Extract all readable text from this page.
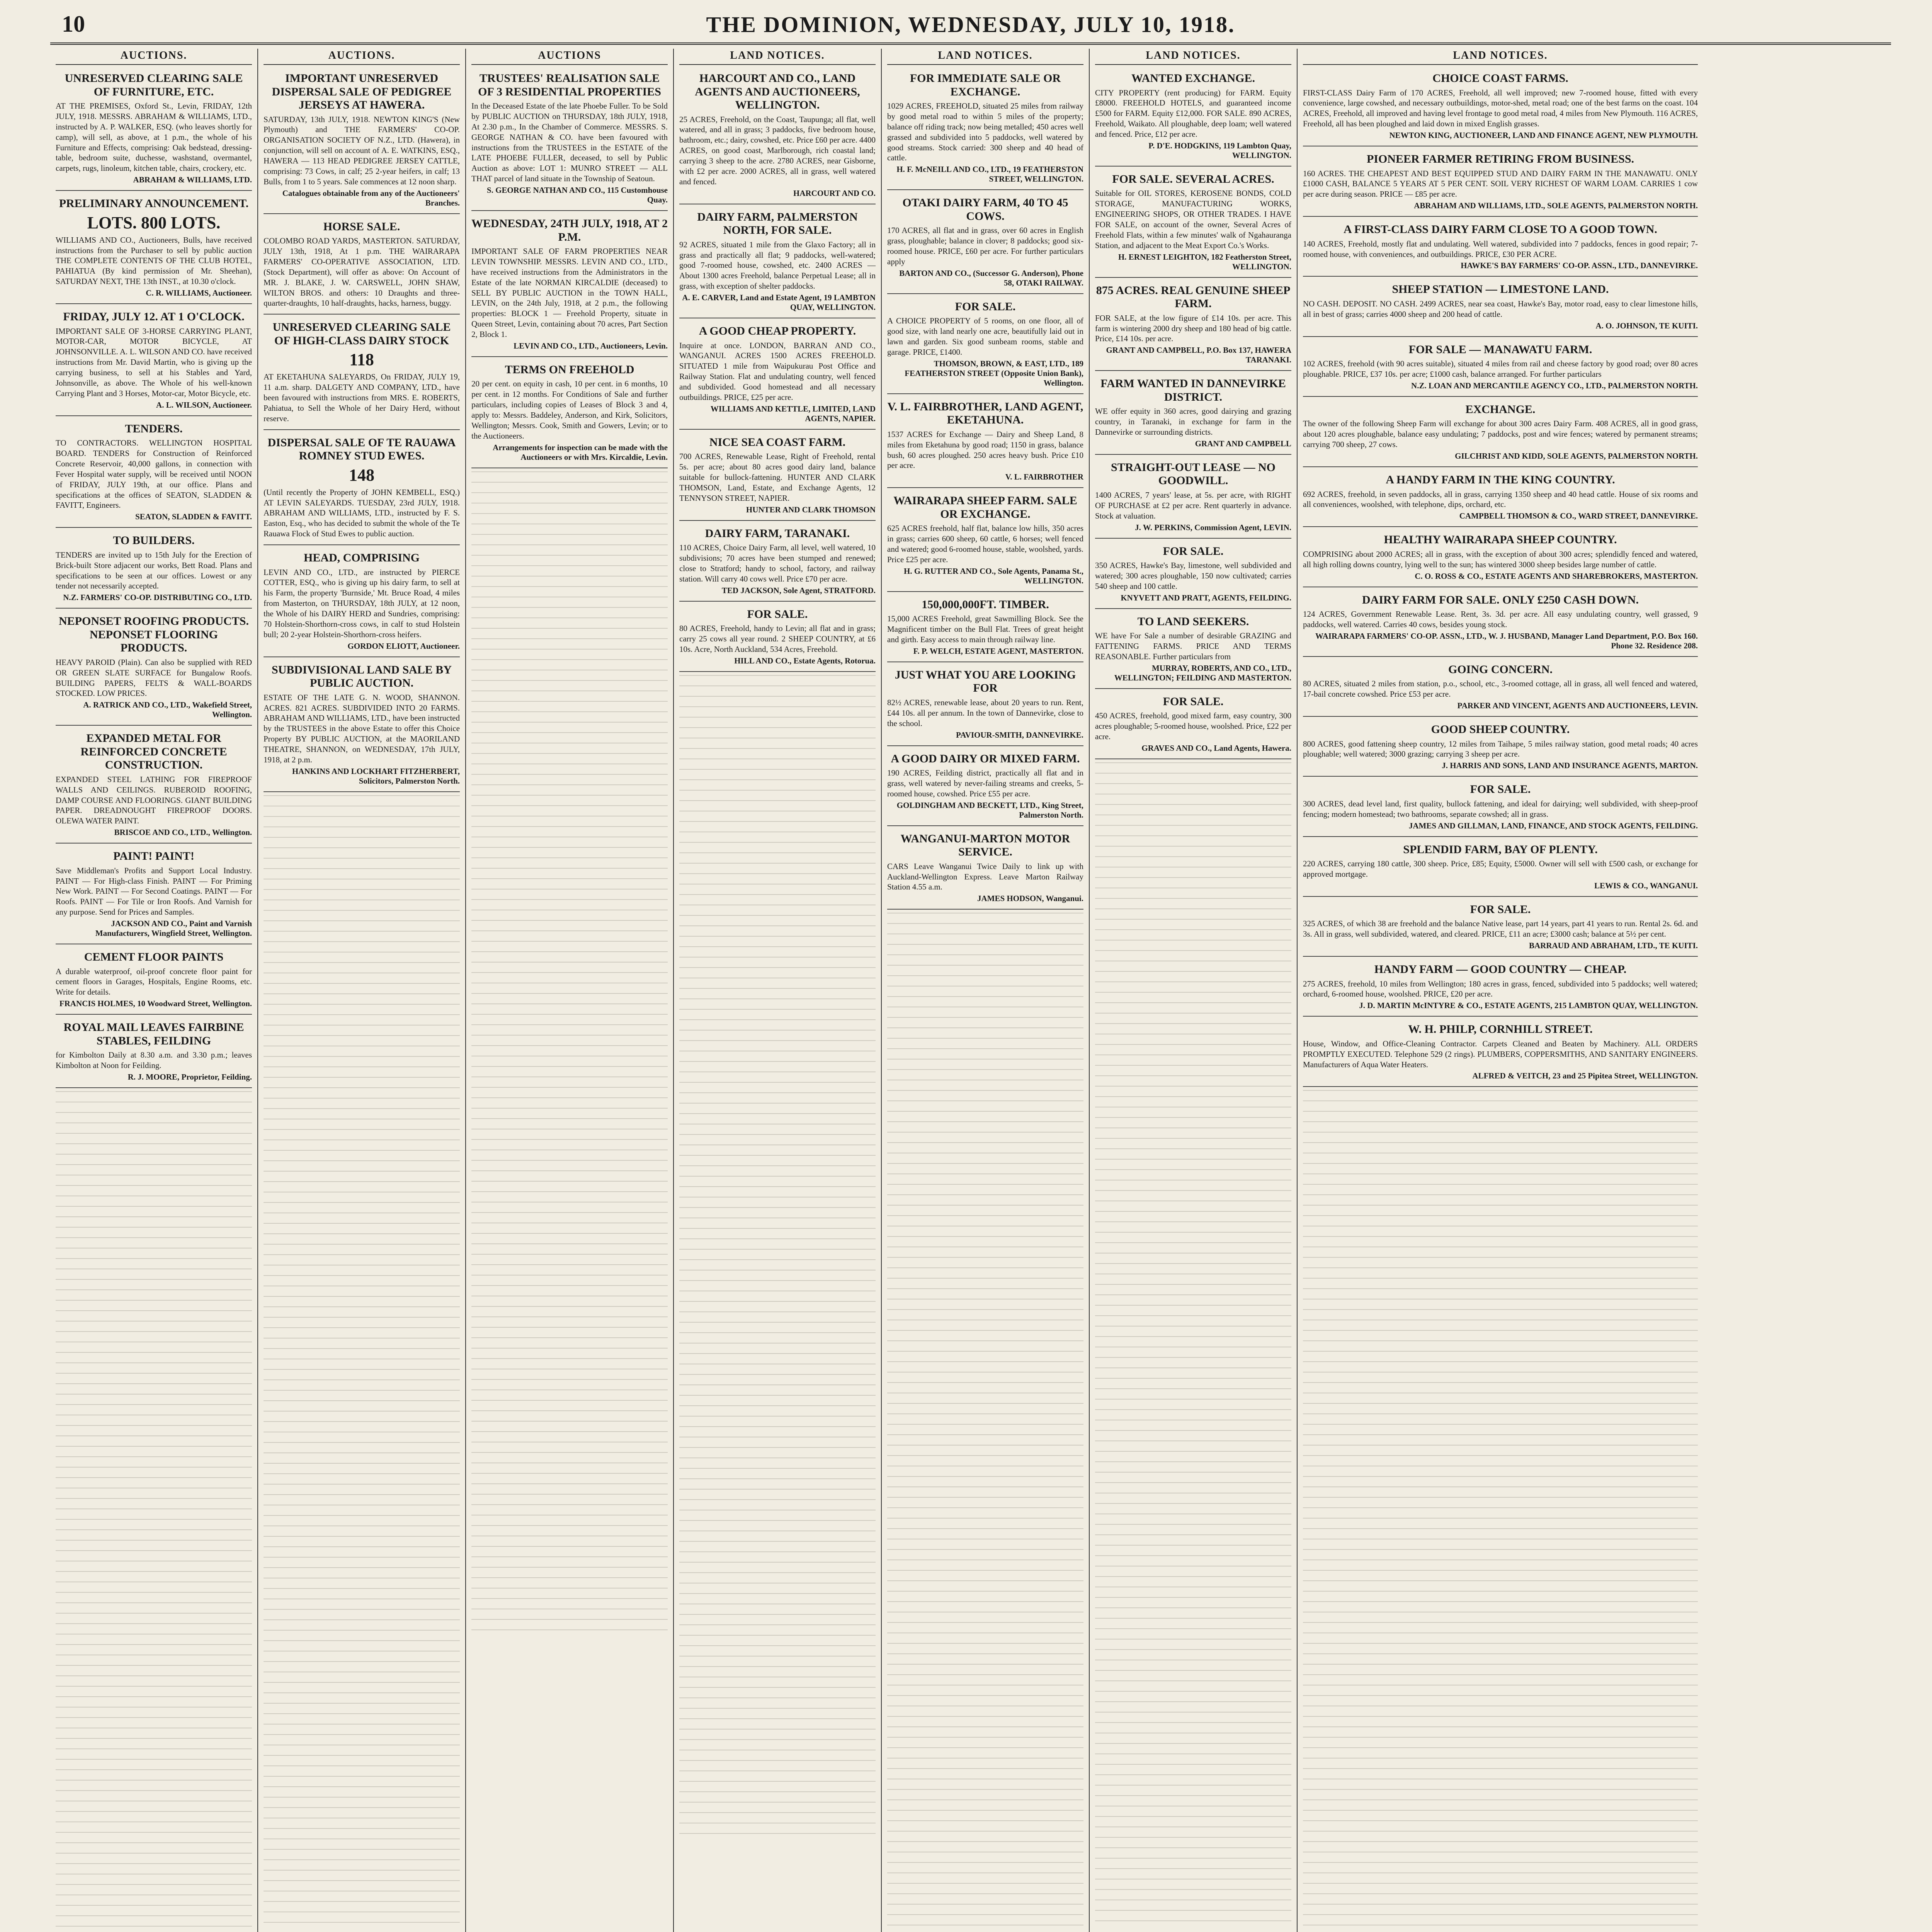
10	THE DOMINION, WEDNESDAY, JULY 10, 1918.
AUCTIONS.
UNRESERVED CLEARING SALE OF FURNITURE, ETC.
AT THE PREMISES, Oxford St., Levin, FRIDAY, 12th JULY, 1918. MESSRS. ABRAHAM & WILLIAMS, LTD., instructed by A. P. WALKER, ESQ. (who leaves shortly for camp), will sell, as above, at 1 p.m., the whole of his Furniture and Effects, comprising: Oak bedstead, dressing-table, bedroom suite, duchesse, washstand, overmantel, carpets, rugs, linoleum, kitchen table, chairs, crockery, etc.
ABRAHAM & WILLIAMS, LTD.
PRELIMINARY ANNOUNCEMENT.
LOTS. 800 LOTS.
WILLIAMS AND CO., Auctioneers, Bulls, have received instructions from the Purchaser to sell by public auction THE COMPLETE CONTENTS OF THE CLUB HOTEL, PAHIATUA (By kind permission of Mr. Sheehan), SATURDAY NEXT, THE 13th INST., at 10.30 o'clock.
C. R. WILLIAMS, Auctioneer.
FRIDAY, JULY 12. AT 1 O'CLOCK.
IMPORTANT SALE OF 3-HORSE CARRYING PLANT, MOTOR-CAR, MOTOR BICYCLE, AT JOHNSONVILLE. A. L. WILSON AND CO. have received instructions from Mr. David Martin, who is giving up the carrying business, to sell at his Stables and Yard, Johnsonville, as above. The Whole of his well-known Carrying Plant and 3 Horses, Motor-car, Motor Bicycle, etc.
A. L. WILSON, Auctioneer.
TENDERS.
TO CONTRACTORS. WELLINGTON HOSPITAL BOARD. TENDERS for Construction of Reinforced Concrete Reservoir, 40,000 gallons, in connection with Fever Hospital water supply, will be received until NOON of FRIDAY, JULY 19th, at our office. Plans and specifications at the offices of SEATON, SLADDEN & FAVITT, Engineers.
SEATON, SLADDEN & FAVITT.
TO BUILDERS.
TENDERS are invited up to 15th July for the Erection of Brick-built Store adjacent our works, Bett Road. Plans and specifications to be seen at our offices. Lowest or any tender not necessarily accepted.
N.Z. FARMERS' CO-OP. DISTRIBUTING CO., LTD.
NEPONSET ROOFING PRODUCTS. NEPONSET FLOORING PRODUCTS.
HEAVY PAROID (Plain). Can also be supplied with RED OR GREEN SLATE SURFACE for Bungalow Roofs. BUILDING PAPERS, FELTS & WALL-BOARDS STOCKED. LOW PRICES.
A. RATRICK AND CO., LTD., Wakefield Street, Wellington.
EXPANDED METAL FOR REINFORCED CONCRETE CONSTRUCTION.
EXPANDED STEEL LATHING FOR FIREPROOF WALLS AND CEILINGS. RUBEROID ROOFING, DAMP COURSE AND FLOORINGS. GIANT BUILDING PAPER. DREADNOUGHT FIREPROOF DOORS. OLEWA WATER PAINT.
BRISCOE AND CO., LTD., Wellington.
PAINT! PAINT!
Save Middleman's Profits and Support Local Industry. PAINT — For High-class Finish. PAINT — For Priming New Work. PAINT — For Second Coatings. PAINT — For Roofs. PAINT — For Tile or Iron Roofs. And Varnish for any purpose. Send for Prices and Samples.
JACKSON AND CO., Paint and Varnish Manufacturers, Wingfield Street, Wellington.
CEMENT FLOOR PAINTS
A durable waterproof, oil-proof concrete floor paint for cement floors in Garages, Hospitals, Engine Rooms, etc. Write for details.
FRANCIS HOLMES, 10 Woodward Street, Wellington.
ROYAL MAIL LEAVES FAIRBINE STABLES, FEILDING
for Kimbolton Daily at 8.30 a.m. and 3.30 p.m.; leaves Kimbolton at Noon for Feilding.
R. J. MOORE, Proprietor, Feilding.
AUCTIONS.
IMPORTANT UNRESERVED DISPERSAL SALE OF PEDIGREE JERSEYS AT HAWERA.
SATURDAY, 13th JULY, 1918. NEWTON KING'S (New Plymouth) and THE FARMERS' CO-OP. ORGANISATION SOCIETY OF N.Z., LTD. (Hawera), in conjunction, will sell on account of A. E. WATKINS, ESQ., HAWERA — 113 HEAD PEDIGREE JERSEY CATTLE, comprising: 73 Cows, in calf; 25 2-year heifers, in calf; 13 Bulls, from 1 to 5 years. Sale commences at 12 noon sharp.
Catalogues obtainable from any of the Auctioneers' Branches.
HORSE SALE.
COLOMBO ROAD YARDS, MASTERTON. SATURDAY, JULY 13th, 1918, At 1 p.m. THE WAIRARAPA FARMERS' CO-OPERATIVE ASSOCIATION, LTD. (Stock Department), will offer as above: On Account of MR. J. BLAKE, J. W. CARSWELL, JOHN SHAW, WILTON BROS. and others: 10 Draughts and three-quarter-draughts, 10 half-draughts, hacks, harness, buggy.
UNRESERVED CLEARING SALE OF HIGH-CLASS DAIRY STOCK
118
AT EKETAHUNA SALEYARDS, On FRIDAY, JULY 19, 11 a.m. sharp. DALGETY AND COMPANY, LTD., have been favoured with instructions from MRS. E. ROBERTS, Pahiatua, to Sell the Whole of her Dairy Herd, without reserve.
DISPERSAL SALE OF TE RAUAWA ROMNEY STUD EWES.
148
(Until recently the Property of JOHN KEMBELL, ESQ.) AT LEVIN SALEYARDS. TUESDAY, 23rd JULY, 1918. ABRAHAM AND WILLIAMS, LTD., instructed by F. S. Easton, Esq., who has decided to submit the whole of the Te Rauawa Flock of Stud Ewes to public auction.
HEAD, COMPRISING
LEVIN AND CO., LTD., are instructed by PIERCE COTTER, ESQ., who is giving up his dairy farm, to sell at his Farm, the property 'Burnside,' Mt. Bruce Road, 4 miles from Masterton, on THURSDAY, 18th JULY, at 12 noon, the Whole of his DAIRY HERD and Sundries, comprising: 70 Holstein-Shorthorn-cross cows, in calf to stud Holstein bull; 20 2-year Holstein-Shorthorn-cross heifers.
GORDON ELIOTT, Auctioneer.
SUBDIVISIONAL LAND SALE BY PUBLIC AUCTION.
ESTATE OF THE LATE G. N. WOOD, SHANNON. ACRES. 821 ACRES. SUBDIVIDED INTO 20 FARMS. ABRAHAM AND WILLIAMS, LTD., have been instructed by the TRUSTEES in the above Estate to offer this Choice Property BY PUBLIC AUCTION, at the MAORILAND THEATRE, SHANNON, on WEDNESDAY, 17th JULY, 1918, at 2 p.m.
HANKINS AND LOCKHART FITZHERBERT, Solicitors, Palmerston North.
AUCTIONS
TRUSTEES' REALISATION SALE OF 3 RESIDENTIAL PROPERTIES
In the Deceased Estate of the late Phoebe Fuller. To be Sold by PUBLIC AUCTION on THURSDAY, 18th JULY, 1918, At 2.30 p.m., In the Chamber of Commerce. MESSRS. S. GEORGE NATHAN & CO. have been favoured with instructions from the TRUSTEES in the ESTATE of the LATE PHOEBE FULLER, deceased, to sell by Public Auction as above: LOT 1: MUNRO STREET — ALL THAT parcel of land situate in the Township of Seatoun.
S. GEORGE NATHAN AND CO., 115 Customhouse Quay.
WEDNESDAY, 24TH JULY, 1918, AT 2 P.M.
IMPORTANT SALE OF FARM PROPERTIES NEAR LEVIN TOWNSHIP. MESSRS. LEVIN AND CO., LTD., have received instructions from the Administrators in the Estate of the late NORMAN KIRCALDIE (deceased) to SELL BY PUBLIC AUCTION in the TOWN HALL, LEVIN, on the 24th July, 1918, at 2 p.m., the following properties: BLOCK 1 — Freehold Property, situate in Queen Street, Levin, containing about 70 acres, Part Section 2, Block 1.
LEVIN AND CO., LTD., Auctioneers, Levin.
TERMS ON FREEHOLD
20 per cent. on equity in cash, 10 per cent. in 6 months, 10 per cent. in 12 months. For Conditions of Sale and further particulars, including copies of Leases of Block 3 and 4, apply to: Messrs. Baddeley, Anderson, and Kirk, Solicitors, Wellington; Messrs. Cook, Smith and Gowers, Levin; or to the Auctioneers.
Arrangements for inspection can be made with the Auctioneers or with Mrs. Kircaldie, Levin.
LAND NOTICES.
HARCOURT AND CO., LAND AGENTS AND AUCTIONEERS, WELLINGTON.
25 ACRES, Freehold, on the Coast, Taupunga; all flat, well watered, and all in grass; 3 paddocks, five bedroom house, bathroom, etc.; dairy, cowshed, etc. Price £60 per acre. 4400 ACRES, on good coast, Marlborough, rich coastal land; carrying 3 sheep to the acre. 2780 ACRES, near Gisborne, with £2 per acre. 2000 ACRES, all in grass, well watered and fenced.
HARCOURT AND CO.
DAIRY FARM, PALMERSTON NORTH, FOR SALE.
92 ACRES, situated 1 mile from the Glaxo Factory; all in grass and practically all flat; 9 paddocks, well-watered; good 7-roomed house, cowshed, etc. 2400 ACRES — About 1300 acres Freehold, balance Perpetual Lease; all in grass, with exception of shelter paddocks.
A. E. CARVER, Land and Estate Agent, 19 LAMBTON QUAY, WELLINGTON.
A GOOD CHEAP PROPERTY.
Inquire at once. LONDON, BARRAN AND CO., WANGANUI. ACRES 1500 ACRES FREEHOLD. SITUATED 1 mile from Waipukurau Post Office and Railway Station. Flat and undulating country, well fenced and subdivided. Good homestead and all necessary outbuildings. PRICE, £25 per acre.
WILLIAMS AND KETTLE, LIMITED, LAND AGENTS, NAPIER.
NICE SEA COAST FARM.
700 ACRES, Renewable Lease, Right of Freehold, rental 5s. per acre; about 80 acres good dairy land, balance suitable for bullock-fattening. HUNTER AND CLARK THOMSON, Land, Estate, and Exchange Agents, 12 TENNYSON STREET, NAPIER.
HUNTER AND CLARK THOMSON
DAIRY FARM, TARANAKI.
110 ACRES, Choice Dairy Farm, all level, well watered, 10 subdivisions; 70 acres have been stumped and renewed; close to Stratford; handy to school, factory, and railway station. Will carry 40 cows well. Price £70 per acre.
TED JACKSON, Sole Agent, STRATFORD.
FOR SALE.
80 ACRES, Freehold, handy to Levin; all flat and in grass; carry 25 cows all year round. 2 SHEEP COUNTRY, at £6 10s. Acre, North Auckland, 534 Acres, Freehold.
HILL AND CO., Estate Agents, Rotorua.
LAND NOTICES.
FOR IMMEDIATE SALE OR EXCHANGE.
1029 ACRES, FREEHOLD, situated 25 miles from railway by good metal road to within 5 miles of the property; balance off riding track; now being metalled; 450 acres well grassed and subdivided into 5 paddocks, well watered by good streams. Stock carried: 300 sheep and 40 head of cattle.
H. F. McNEILL AND CO., LTD., 19 FEATHERSTON STREET, WELLINGTON.
OTAKI DAIRY FARM, 40 TO 45 COWS.
170 ACRES, all flat and in grass, over 60 acres in English grass, ploughable; balance in clover; 8 paddocks; good six-roomed house. PRICE, £60 per acre. For further particulars apply
BARTON AND CO., (Successor G. Anderson), Phone 58, OTAKI RAILWAY.
FOR SALE.
A CHOICE PROPERTY of 5 rooms, on one floor, all of good size, with land nearly one acre, beautifully laid out in lawn and garden. Six good sunbeam rooms, stable and garage. PRICE, £1400.
THOMSON, BROWN, & EAST, LTD., 189 FEATHERSTON STREET (Opposite Union Bank), Wellington.
V. L. FAIRBROTHER, LAND AGENT, EKETAHUNA.
1537 ACRES for Exchange — Dairy and Sheep Land, 8 miles from Eketahuna by good road; 1150 in grass, balance bush, 60 acres ploughed. 250 acres heavy bush. Price £10 per acre.
V. L. FAIRBROTHER
WAIRARAPA SHEEP FARM. SALE OR EXCHANGE.
625 ACRES freehold, half flat, balance low hills, 350 acres in grass; carries 600 sheep, 60 cattle, 6 horses; well fenced and watered; good 6-roomed house, stable, woolshed, yards. Price £25 per acre.
H. G. RUTTER AND CO., Sole Agents, Panama St., WELLINGTON.
150,000,000FT. TIMBER.
15,000 ACRES Freehold, great Sawmilling Block. See the Magnificent timber on the Bull Flat. Trees of great height and girth. Easy access to main through railway line.
F. P. WELCH, ESTATE AGENT, MASTERTON.
JUST WHAT YOU ARE LOOKING FOR
82½ ACRES, renewable lease, about 20 years to run. Rent, £44 10s. all per annum. In the town of Dannevirke, close to the school.
PAVIOUR-SMITH, DANNEVIRKE.
A GOOD DAIRY OR MIXED FARM.
190 ACRES, Feilding district, practically all flat and in grass, well watered by never-failing streams and creeks, 5-roomed house, cowshed. Price £55 per acre.
GOLDINGHAM AND BECKETT, LTD., King Street, Palmerston North.
WANGANUI-MARTON MOTOR SERVICE.
CARS Leave Wanganui Twice Daily to link up with Auckland-Wellington Express. Leave Marton Railway Station 4.55 a.m.
JAMES HODSON, Wanganui.
LAND NOTICES.
WANTED EXCHANGE.
CITY PROPERTY (rent producing) for FARM. Equity £8000. FREEHOLD HOTELS, and guaranteed income £500 for FARM. Equity £12,000. FOR SALE. 890 ACRES, Freehold, Waikato. All ploughable, deep loam; well watered and fenced. Price, £12 per acre.
P. D'E. HODGKINS, 119 Lambton Quay, WELLINGTON.
FOR SALE. SEVERAL ACRES.
Suitable for OIL STORES, KEROSENE BONDS, COLD STORAGE, MANUFACTURING WORKS, ENGINEERING SHOPS, OR OTHER TRADES. I HAVE FOR SALE, on account of the owner, Several Acres of Freehold Flats, within a few minutes' walk of Ngahauranga Station, and adjacent to the Meat Export Co.'s Works.
H. ERNEST LEIGHTON, 182 Featherston Street, WELLINGTON.
875 ACRES. REAL GENUINE SHEEP FARM.
FOR SALE, at the low figure of £14 10s. per acre. This farm is wintering 2000 dry sheep and 180 head of big cattle. Price, £14 10s. per acre.
GRANT AND CAMPBELL, P.O. Box 137, HAWERA TARANAKI.
FARM WANTED IN DANNEVIRKE DISTRICT.
WE offer equity in 360 acres, good dairying and grazing country, in Taranaki, in exchange for farm in the Dannevirke or surrounding districts.
GRANT AND CAMPBELL
STRAIGHT-OUT LEASE — NO GOODWILL.
1400 ACRES, 7 years' lease, at 5s. per acre, with RIGHT OF PURCHASE at £2 per acre. Rent quarterly in advance. Stock at valuation.
J. W. PERKINS, Commission Agent, LEVIN.
FOR SALE.
350 ACRES, Hawke's Bay, limestone, well subdivided and watered; 300 acres ploughable, 150 now cultivated; carries 540 sheep and 100 cattle.
KNYVETT AND PRATT, AGENTS, FEILDING.
TO LAND SEEKERS.
WE have For Sale a number of desirable GRAZING and FATTENING FARMS. PRICE AND TERMS REASONABLE. Further particulars from
MURRAY, ROBERTS, AND CO., LTD., WELLINGTON; FEILDING AND MASTERTON.
FOR SALE.
450 ACRES, freehold, good mixed farm, easy country, 300 acres ploughable; 5-roomed house, woolshed. Price, £22 per acre.
GRAVES AND CO., Land Agents, Hawera.
LAND NOTICES.
CHOICE COAST FARMS.
FIRST-CLASS Dairy Farm of 170 ACRES, Freehold, all well improved; new 7-roomed house, fitted with every convenience, large cowshed, and necessary outbuildings, motor-shed, metal road; one of the best farms on the coast. 104 ACRES, Freehold, all improved and having level frontage to good metal road, 4 miles from New Plymouth. 116 ACRES, Freehold, all has been ploughed and laid down in mixed English grasses.
NEWTON KING, AUCTIONEER, LAND AND FINANCE AGENT, NEW PLYMOUTH.
PIONEER FARMER RETIRING FROM BUSINESS.
160 ACRES. THE CHEAPEST AND BEST EQUIPPED STUD AND DAIRY FARM IN THE MANAWATU. ONLY £1000 CASH, BALANCE 5 YEARS AT 5 PER CENT. SOIL VERY RICHEST OF WARM LOAM. CARRIES 1 cow per acre during season. PRICE — £85 per acre.
ABRAHAM AND WILLIAMS, LTD., SOLE AGENTS, PALMERSTON NORTH.
A FIRST-CLASS DAIRY FARM CLOSE TO A GOOD TOWN.
140 ACRES, Freehold, mostly flat and undulating. Well watered, subdivided into 7 paddocks, fences in good repair; 7-roomed house, with conveniences, and outbuildings. PRICE, £30 PER ACRE.
HAWKE'S BAY FARMERS' CO-OP. ASSN., LTD., DANNEVIRKE.
SHEEP STATION — LIMESTONE LAND.
NO CASH. DEPOSIT. NO CASH. 2499 ACRES, near sea coast, Hawke's Bay, motor road, easy to clear limestone hills, all in best of grass; carries 4000 sheep and 200 head of cattle.
A. O. JOHNSON, TE KUITI.
FOR SALE — MANAWATU FARM.
102 ACRES, freehold (with 90 acres suitable), situated 4 miles from rail and cheese factory by good road; over 80 acres ploughable. PRICE, £37 10s. per acre; £1000 cash, balance arranged. For further particulars
N.Z. LOAN AND MERCANTILE AGENCY CO., LTD., PALMERSTON NORTH.
EXCHANGE.
The owner of the following Sheep Farm will exchange for about 300 acres Dairy Farm. 408 ACRES, all in good grass, about 120 acres ploughable, balance easy undulating; 7 paddocks, post and wire fences; watered by permanent streams; carrying 700 sheep, 27 cows.
GILCHRIST AND KIDD, SOLE AGENTS, PALMERSTON NORTH.
A HANDY FARM IN THE KING COUNTRY.
692 ACRES, freehold, in seven paddocks, all in grass, carrying 1350 sheep and 40 head cattle. House of six rooms and all conveniences, woolshed, with telephone, dips, orchard, etc.
CAMPBELL THOMSON & CO., WARD STREET, DANNEVIRKE.
HEALTHY WAIRARAPA SHEEP COUNTRY.
COMPRISING about 2000 ACRES; all in grass, with the exception of about 300 acres; splendidly fenced and watered, all high rolling downs country, lying well to the sun; has wintered 3000 sheep besides large number of cattle.
C. O. ROSS & CO., ESTATE AGENTS AND SHAREBROKERS, MASTERTON.
DAIRY FARM FOR SALE. ONLY £250 CASH DOWN.
124 ACRES, Government Renewable Lease. Rent, 3s. 3d. per acre. All easy undulating country, well grassed, 9 paddocks, well watered. Carries 40 cows, besides young stock.
WAIRARAPA FARMERS' CO-OP. ASSN., LTD., W. J. HUSBAND, Manager Land Department, P.O. Box 160. Phone 32. Residence 208.
GOING CONCERN.
80 ACRES, situated 2 miles from station, p.o., school, etc., 3-roomed cottage, all in grass, all well fenced and watered, 17-bail concrete cowshed. Price £53 per acre.
PARKER AND VINCENT, AGENTS AND AUCTIONEERS, LEVIN.
GOOD SHEEP COUNTRY.
800 ACRES, good fattening sheep country, 12 miles from Taihape, 5 miles railway station, good metal roads; 40 acres ploughable; well watered; 3000 grazing; carrying 3 sheep per acre.
J. HARRIS AND SONS, LAND AND INSURANCE AGENTS, MARTON.
FOR SALE.
300 ACRES, dead level land, first quality, bullock fattening, and ideal for dairying; well subdivided, with sheep-proof fencing; modern homestead; two bathrooms, separate cowshed; all in grass.
JAMES AND GILLMAN, LAND, FINANCE, AND STOCK AGENTS, FEILDING.
SPLENDID FARM, BAY OF PLENTY.
220 ACRES, carrying 180 cattle, 300 sheep. Price, £85; Equity, £5000. Owner will sell with £500 cash, or exchange for approved mortgage.
LEWIS & CO., WANGANUI.
FOR SALE.
325 ACRES, of which 38 are freehold and the balance Native lease, part 14 years, part 41 years to run. Rental 2s. 6d. and 3s. All in grass, well subdivided, watered, and cleared. PRICE, £11 an acre; £3000 cash; balance at 5½ per cent.
BARRAUD AND ABRAHAM, LTD., TE KUITI.
HANDY FARM — GOOD COUNTRY — CHEAP.
275 ACRES, freehold, 10 miles from Wellington; 180 acres in grass, fenced, subdivided into 5 paddocks; well watered; orchard, 6-roomed house, woolshed. PRICE, £20 per acre.
J. D. MARTIN McINTYRE & CO., ESTATE AGENTS, 215 LAMBTON QUAY, WELLINGTON.
W. H. PHILP, CORNHILL STREET.
House, Window, and Office-Cleaning Contractor. Carpets Cleaned and Beaten by Machinery. ALL ORDERS PROMPTLY EXECUTED. Telephone 529 (2 rings). PLUMBERS, COPPERSMITHS, AND SANITARY ENGINEERS. Manufacturers of Aqua Water Heaters.
ALFRED & VEITCH, 23 and 25 Pipitea Street, WELLINGTON.
